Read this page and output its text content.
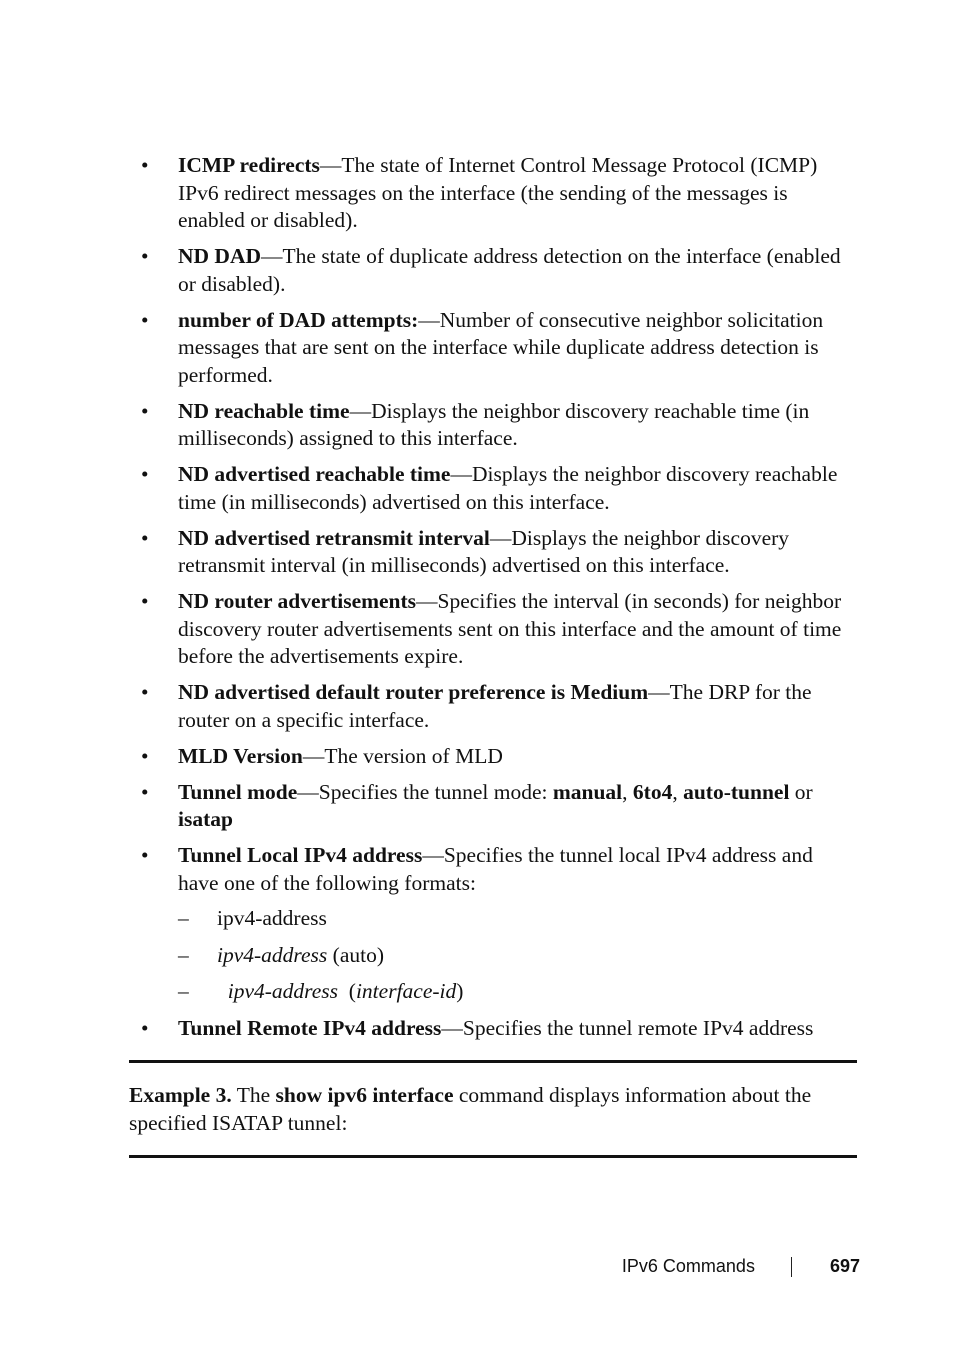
• ICMP redirects—The state of Internet Control Message Protocol (ICMP) IPv6 redirect messages on the interface (the sending of the messages is enabled or disabled).
• ND DAD—The state of duplicate address detection on the interface (enabled or disabled).
• number of DAD attempts:—Number of consecutive neighbor solicitation messages that are sent on the interface while duplicate address detection is performed.
• ND reachable time—Displays the neighbor discovery reachable time (in milliseconds) assigned to this interface.
• ND advertised reachable time—Displays the neighbor discovery reachable time (in milliseconds) advertised on this interface.
• ND advertised retransmit interval—Displays the neighbor discovery retransmit interval (in milliseconds) advertised on this interface.
• ND router advertisements—Specifies the interval (in seconds) for neighbor discovery router advertisements sent on this interface and the amount of time before the advertisements expire.
• ND advertised default router preference is Medium—The DRP for the router on a specific interface.
• MLD Version—The version of MLD
• Tunnel mode—Specifies the tunnel mode: manual, 6to4, auto-tunnel or isatap
• Tunnel Local IPv4 address—Specifies the tunnel local IPv4 address and have one of the following formats:
– ipv4-address
– ipv4-address (auto)
– ipv4-address  (interface-id)
• Tunnel Remote IPv4 address—Specifies the tunnel remote IPv4 address
Example 3. The show ipv6 interface command displays information about the specified ISATAP tunnel:
IPv6 Commands	697
